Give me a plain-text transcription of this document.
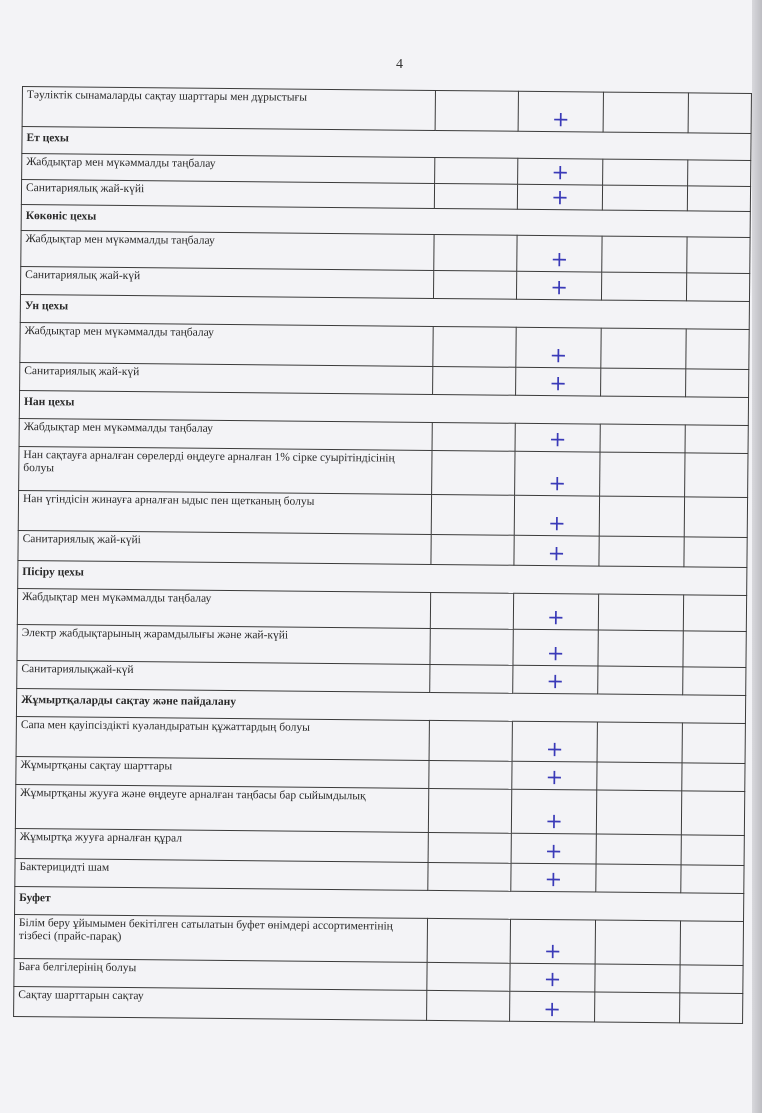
4
Тәуліктік сынамаларды сақтау шарттары мен дұрыстығы		+		
Ет цехы				
Жабдықтар мен мүкәммалды таңбалау		+		
Санитариялық жай-күйі		+		
Көкөніс цехы				
Жабдықтар мен мүкәммалды таңбалау		+		
Санитариялық жай-күй		+		
Ун цехы				
Жабдықтар мен мүкәммалды таңбалау		+		
Санитариялық жай-күй		+		
Нан цехы				
Жабдықтар мен мүкәммалды таңбалау		+		
Нан сақтауға арналған сөрелерді өңдеуге арналған 1% сірке суырітіндісінің болуы		+		
Нан үгіндісін жинауға арналған ыдыс пен щетканың болуы		+		
Санитариялық жай-күйі		+		
Пісіру цехы				
Жабдықтар мен мүкәммалды таңбалау		+		
Электр жабдықтарының жарамдылығы және жай-күйі		+		
Санитариялықжай-күй		+		
Жұмыртқаларды сақтау және пайдалану				
Сапа мен қауіпсіздікті куәландыратын құжаттардың болуы		+		
Жұмыртқаны сақтау шарттары		+		
Жұмыртқаны жууға және өңдеуге арналған таңбасы бар сыйымдылық		+		
Жұмыртқа жууға арналған құрал		+		
Бактерицидті шам		+		
Буфет				
Білім беру ұйымымен бекітілген сатылатын буфет өнімдері ассортиментінің тізбесі (прайс-парақ)		+		
Баға белгілерінің болуы		+		
Сақтау шарттарын сақтау		+		
